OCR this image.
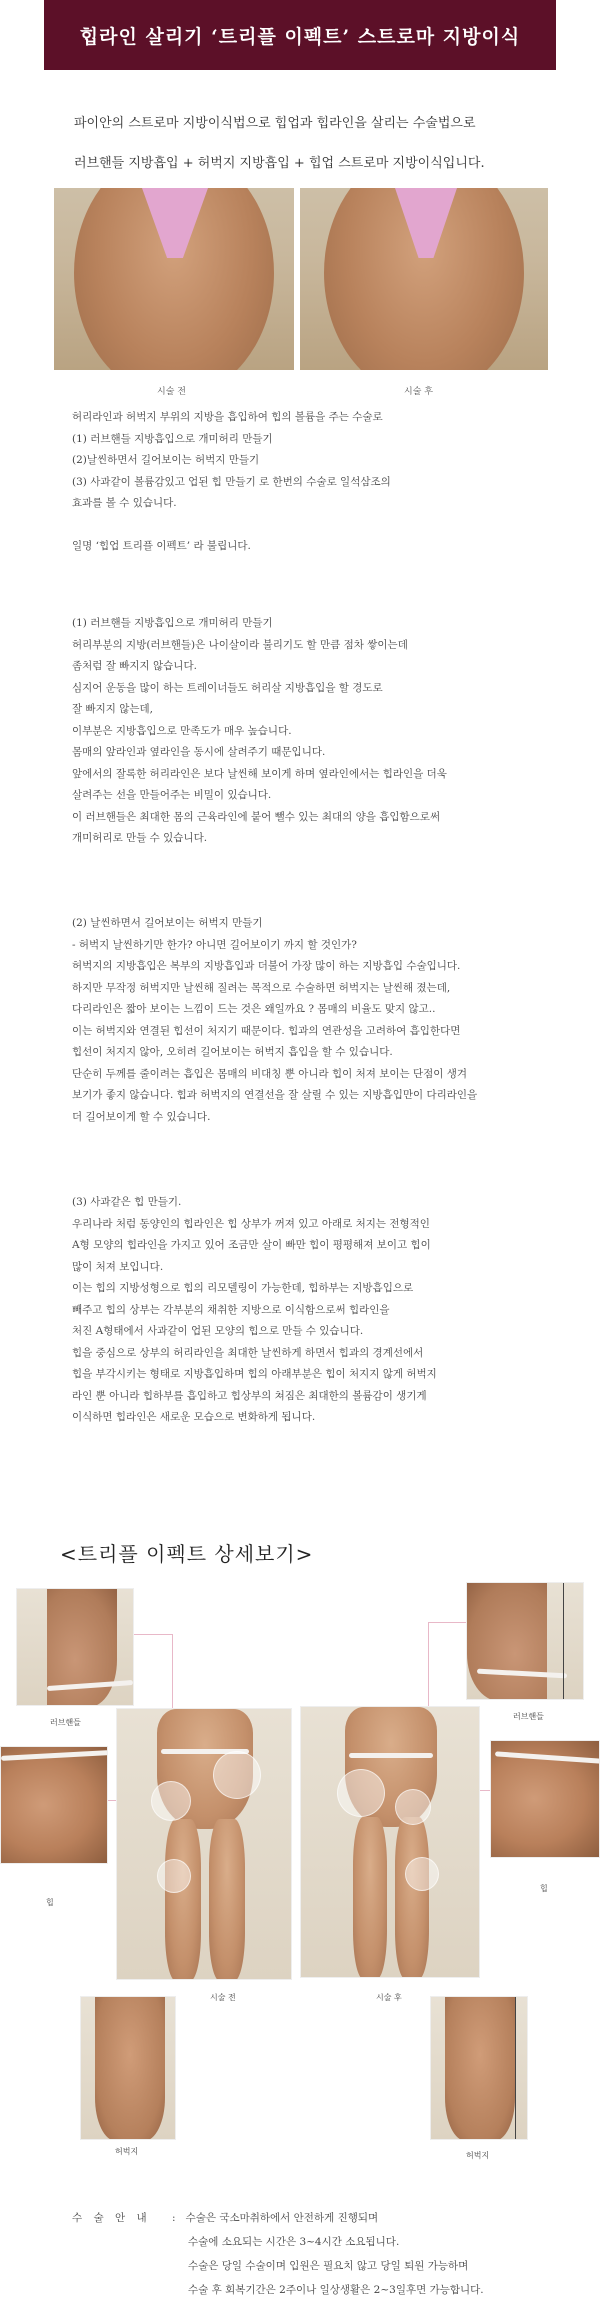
힙라인 살리기 ‘트리플 이펙트’ 스트로마 지방이식
파이안의 스트로마 지방이식법으로 힙업과 힙라인을 살리는 수술법으로
러브핸들 지방흡입 + 허벅지 지방흡입 + 힙업 스트로마 지방이식입니다.
시술 전	시술 후
허리라인과 허벅지 부위의 지방을 흡입하여 힙의 볼륨을 주는 수술로
(1) 러브핸들 지방흡입으로 개미허리 만들기
(2)날씬하면서 길어보이는 허벅지 만들기
(3) 사과같이 볼륨감있고 업된 힙 만들기 로 한번의 수술로 일석삼조의
효과를 볼 수 있습니다.
일명 ‘힙업 트리플 이펙트’ 라 불립니다.
(1) 러브핸들 지방흡입으로 개미허리 만들기
허리부분의 지방(러브핸들)은 나이살이라 불리기도 할 만큼 점차 쌓이는데
좀처럼 잘 빠지지 않습니다.
심지어 운동을 많이 하는 트레이너들도 허리살 지방흡입을 할 경도로
잘 빠지지 않는데,
이부분은 지방흡입으로 만족도가 매우 높습니다.
몸매의 앞라인과 옆라인을 동시에 살려주기 때문입니다.
앞에서의 잘록한 허리라인은 보다 날씬해 보이게 하며 옆라인에서는 힙라인을 더욱
살려주는 선을 만들어주는 비밀이 있습니다.
이 러브핸들은 최대한 몸의 근육라인에 붙어 뺄수 있는 최대의 양을 흡입함으로써
개미허리로 만들 수 있습니다.
(2) 날씬하면서 길어보이는 허벅지 만들기
- 허벅지 날씬하기만 한가? 아니면 길어보이기 까지 할 것인가?
허벅지의 지방흡입은 복부의 지방흡입과 더불어 가장 많이 하는 지방흡입 수술입니다.
하지만 무작정 허벅지만 날씬해 질려는 목적으로 수술하면 허벅지는 날씬해 졌는데,
다리라인은 짧아 보이는 느낌이 드는 것은 왜일까요 ? 몸매의 비율도 맞지 않고..
이는 허벅지와 연결된 힙선이 처지기 때문이다. 힙과의 연관성을 고려하여 흡입한다면
힙선이 처지지 않아, 오히려 길어보이는 허벅지 흡입을 할 수 있습니다.
단순히 두께를 줄이려는 흡입은 몸매의 비대칭 뿐 아니라 힙이 처져 보이는 단점이 생겨
보기가 좋지 않습니다. 힙과 허벅지의 연결선을 잘 살릴 수 있는 지방흡입만이 다리라인을
더 길어보이게 할 수 있습니다.
(3) 사과같은 힙 만들기.
우리나라 처럼 동양인의 힙라인은 힙 상부가 꺼져 있고 아래로 처지는 전형적인
A형 모양의 힙라인을 가지고 있어 조금만 살이 빠만 힙이 평평해져 보이고 힙이
많이 처져 보입니다.
이는 힙의 지방성형으로 힙의 리모델링이 가능한데, 힙하부는 지방흡입으로
빼주고 힙의 상부는 각부분의 채취한 지방으로 이식함으로써 힙라인을
처진 A형태에서 사과같이 업된 모양의 힙으로 만들 수 있습니다.
힙을 중심으로 상부의 허리라인을 최대한 날씬하게 하면서 힙과의 경계선에서
힙을 부각시키는 형태로 지방흡입하며 힙의 아래부분은 힙이 처지지 않게 허벅지
라인 뿐 아니라 힙하부를 흡입하고 힙상부의 쳐짐은 최대한의 볼륨감이 생기게
이식하면 힙라인은 새로운 모습으로 변화하게 됩니다.
<트리플 이펙트 상세보기>
러브핸들
러브핸들
힙
힙
시술 전	시술 후
허벅지	허벅지
수 술 안 내 : 수술은 국소마취하에서 안전하게 진행되며
수술에 소요되는 시간은 3~4시간 소요됩니다.
수술은 당일 수술이며 입원은 필요치 않고 당일 퇴원 가능하며
수술 후 회복기간은 2주이나 일상생활은 2~3일후면 가능합니다.
